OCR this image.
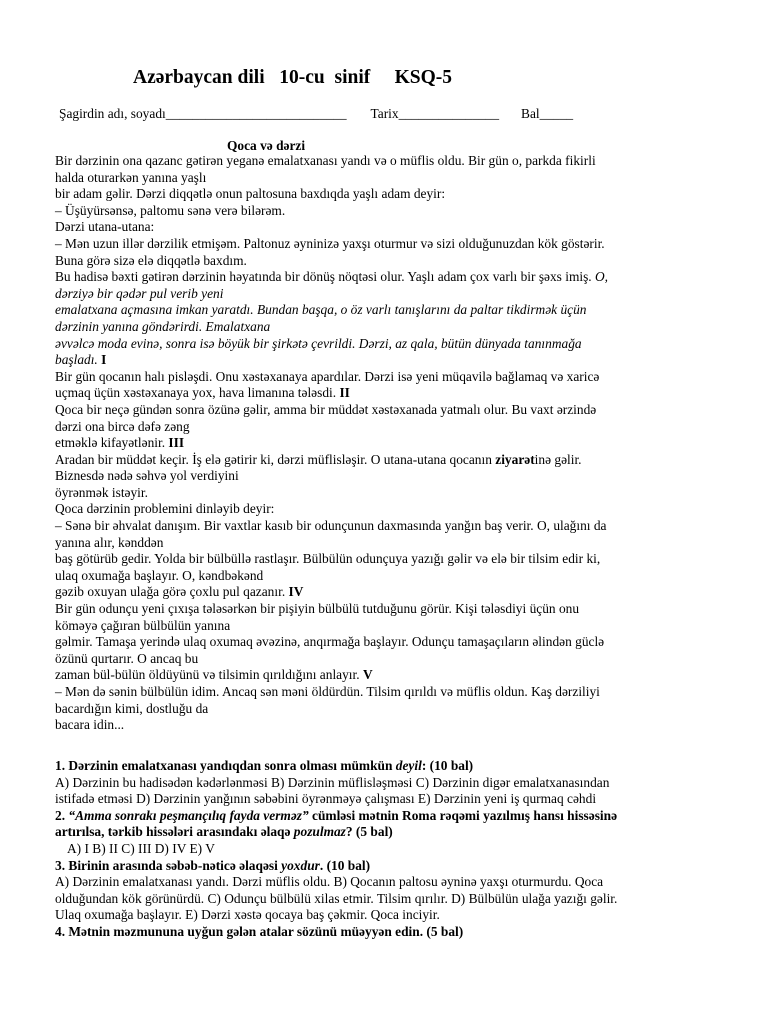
Azərbaycan dili   10-cu  sinif     KSQ-5
Şagirdin adı, soyadı___________________________ Tarix_______________ Bal_____
Qoca və dərzi
Bir dərzinin ona qazanc gətirən yeganə emalatxanası yandı və o müflis oldu. Bir gün o, parkda fikirli
halda oturarkən yanına yaşlı
bir adam gəlir. Dərzi diqqətlə onun paltosuna baxdıqda yaşlı adam deyir:
– Üşüyürsənsə, paltomu sənə verə bilərəm.
Dərzi utana-utana:
– Mən uzun illər dərzilik etmişəm. Paltonuz əyninizə yaxşı oturmur və sizi olduğunuzdan kök göstərir.
Buna görə sizə elə diqqətlə baxdım.
Bu hadisə bəxti gətirən dərzinin həyatında bir dönüş nöqtəsi olur. Yaşlı adam çox varlı bir şəxs imiş. O,
dərziyə bir qədər pul verib yeni
emalatxana açmasına imkan yaratdı. Bundan başqa, o öz varlı tanışlarını da paltar tikdirmək üçün
dərzinin yanına göndərirdi. Emalatxana
əvvəlcə moda evinə, sonra isə böyük bir şirkətə çevrildi. Dərzi, az qala, bütün dünyada tanınmağa
başladı. I
Bir gün qocanın halı pisləşdi. Onu xəstəxanaya apardılar. Dərzi isə yeni müqavilə bağlamaq və xaricə
uçmaq üçün xəstəxanaya yox, hava limanına tələsdi. II
Qoca bir neçə gündən sonra özünə gəlir, amma bir müddət xəstəxanada yatmalı olur. Bu vaxt ərzində
dərzi ona bircə dəfə zəng
etməklə kifayətlənir. III
Aradan bir müddət keçir. İş elə gətirir ki, dərzi müflisləşir. O utana-utana qocanın ziyarətinə gəlir.
Biznesdə nədə səhvə yol verdiyini
öyrənmək istəyir.
Qoca dərzinin problemini dinləyib deyir:
– Sənə bir əhvalat danışım. Bir vaxtlar kasıb bir odunçunun daxmasında yanğın baş verir. O, ulağını da
yanına alır, kənddən
baş götürüb gedir. Yolda bir bülbüllə rastlaşır. Bülbülün odunçuya yazığı gəlir və elə bir tilsim edir ki,
ulaq oxumağa başlayır. O, kəndbəkənd
gəzib oxuyan ulağa görə çoxlu pul qazanır. IV
Bir gün odunçu yeni çıxışa tələsərkən bir pişiyin bülbülü tutduğunu görür. Kişi tələsdiyi üçün onu
köməyə çağıran bülbülün yanına
gəlmir. Tamaşa yerində ulaq oxumaq əvəzinə, anqırmağa başlayır. Odunçu tamaşaçıların əlindən güclə
özünü qurtarır. O ancaq bu
zaman bül-bülün öldüyünü və tilsimin qırıldığını anlayır. V
– Mən də sənin bülbülün idim. Ancaq sən məni öldürdün. Tilsim qırıldı və müflis oldun. Kaş dərziliyi
bacardığın kimi, dostluğu da
bacara idin...
1. Dərzinin emalatxanası yandıqdan sonra olması mümkün deyil: (10 bal)
A) Dərzinin bu hadisədən kədərlənməsi B) Dərzinin müflisləşməsi C) Dərzinin digər emalatxanasından
istifadə etməsi D) Dərzinin yanğının səbəbini öyrənməyə çalışması E) Dərzinin yeni iş qurmaq cəhdi
2. “Amma sonrakı peşmançılıq fayda verməz” cümləsi mətnin Roma rəqəmi yazılmış hansı hissəsinə
artırılsa, tərkib hissələri arasındakı əlaqə pozulmaz? (5 bal)
A) I B) II C) III D) IV E) V
3. Birinin arasında səbəb-nəticə əlaqəsi yoxdur. (10 bal)
A) Dərzinin emalatxanası yandı. Dərzi müflis oldu. B) Qocanın paltosu əyninə yaxşı oturmurdu. Qoca
olduğundan kök görünürdü. C) Odunçu bülbülü xilas etmir. Tilsim qırılır. D) Bülbülün ulağa yazığı gəlir.
Ulaq oxumağa başlayır. E) Dərzi xəstə qocaya baş çəkmir. Qoca inciyir.
4. Mətnin məzmununa uyğun gələn atalar sözünü müəyyən edin. (5 bal)
